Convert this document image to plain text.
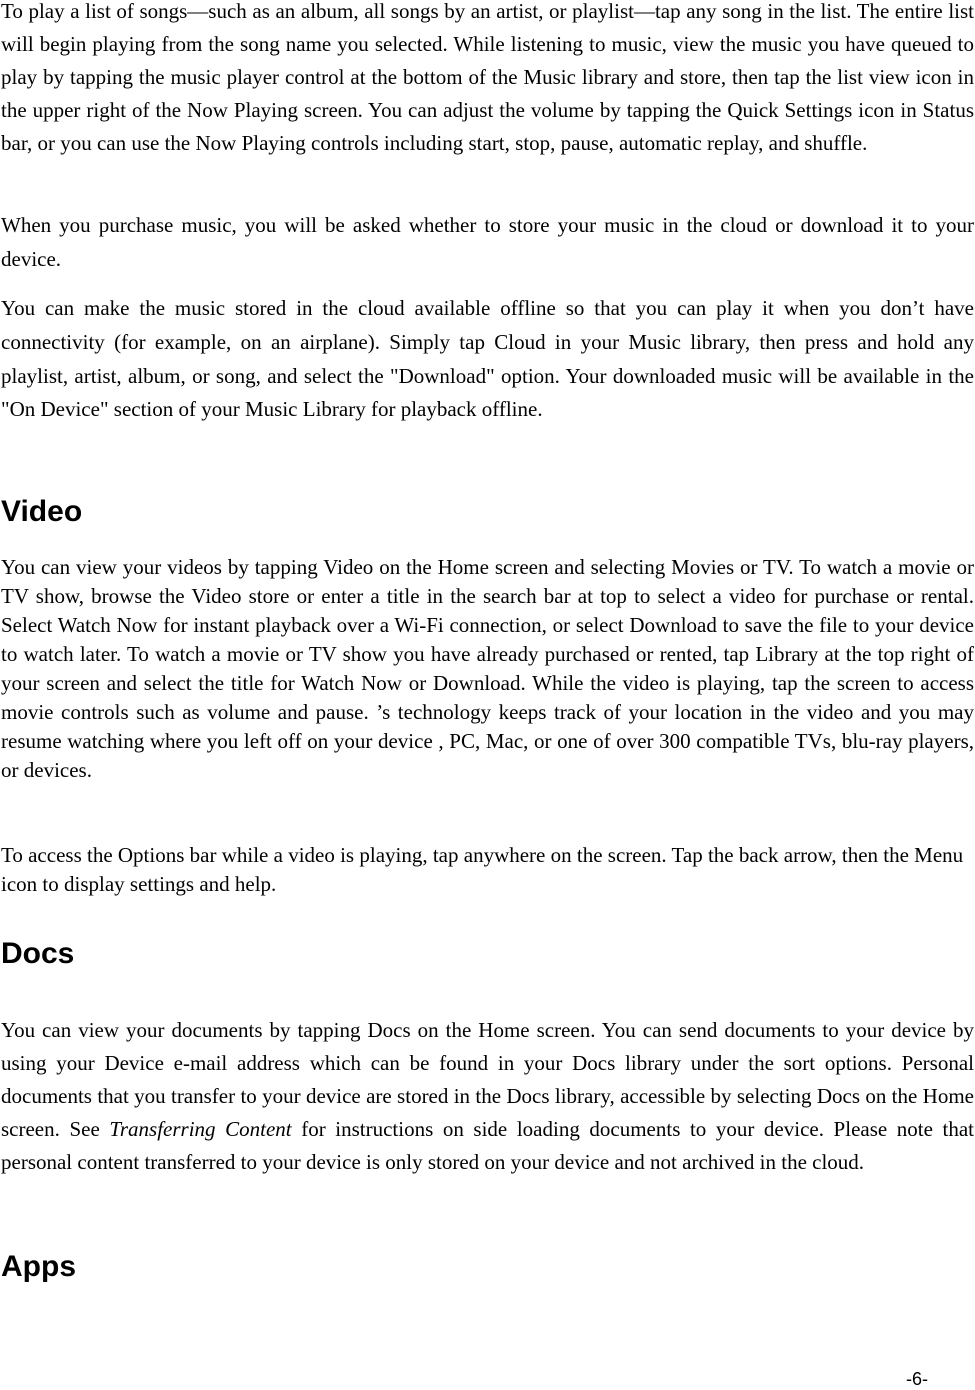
To play a list of songs—such as an album, all songs by an artist, or playlist—tap any song in the list. The entire list will begin playing from the song name you selected. While listening to music, view the music you have queued to play by tapping the music player control at the bottom of the Music library and store, then tap the list view icon in the upper right of the Now Playing screen. You can adjust the volume by tapping the Quick Settings icon in Status bar, or you can use the Now Playing controls including start, stop, pause, automatic replay, and shuffle.

When you purchase music, you will be asked whether to store your music in the cloud or download it to your device.

You can make the music stored in the cloud available offline so that you can play it when you don’t have connectivity (for example, on an airplane). Simply tap Cloud in your Music library, then press and hold any playlist, artist, album, or song, and select the "Download" option. Your downloaded music will be available in the "On Device" section of your Music Library for playback offline.

Video

You can view your videos by tapping Video on the Home screen and selecting Movies or TV. To watch a movie or TV show, browse the Video store or enter a title in the search bar at top to select a video for purchase or rental. Select Watch Now for instant playback over a Wi-Fi connection, or select Download to save the file to your device to watch later. To watch a movie or TV show you have already purchased or rented, tap Library at the top right of your screen and select the title for Watch Now or Download. While the video is playing, tap the screen to access movie controls such as volume and pause. ’s technology keeps track of your location in the video and you may resume watching where you left off on your device , PC, Mac, or one of over 300 compatible TVs, blu-ray players, or devices.

To access the Options bar while a video is playing, tap anywhere on the screen. Tap the back arrow, then the Menu icon to display settings and help.

Docs

You can view your documents by tapping Docs on the Home screen. You can send documents to your device by using your Device e-mail address which can be found in your Docs library under the sort options. Personal documents that you transfer to your device are stored in the Docs library, accessible by selecting Docs on the Home screen. See Transferring Content for instructions on side loading documents to your device. Please note that personal content transferred to your device is only stored on your device and not archived in the cloud.

Apps

-6-
